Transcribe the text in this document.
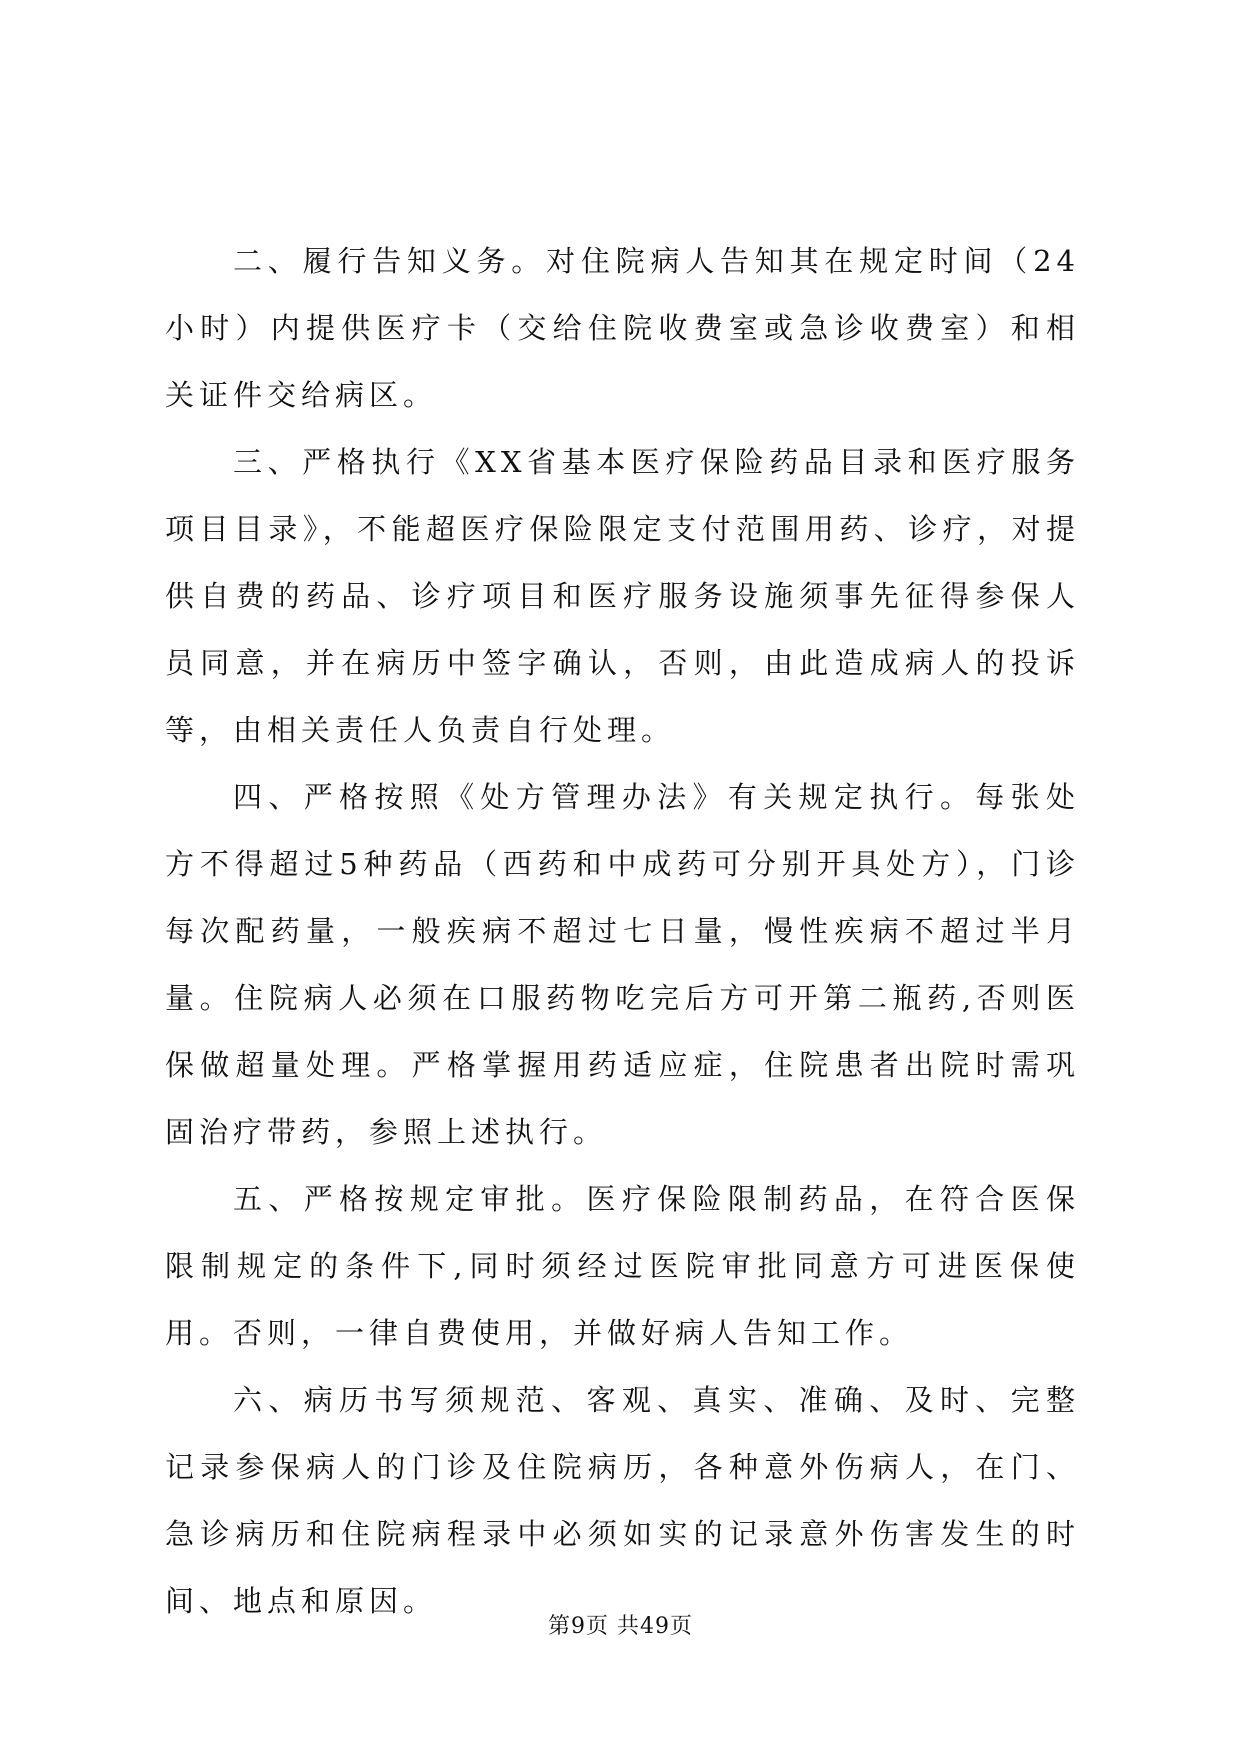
二、履行告知义务。对住院病人告知其在规定时间（24小时）内提供医疗卡（交给住院收费室或急诊收费室）和相关证件交给病区。

三、严格执行《XX省基本医疗保险药品目录和医疗服务项目目录》，不能超医疗保险限定支付范围用药、诊疗，对提供自费的药品、诊疗项目和医疗服务设施须事先征得参保人员同意，并在病历中签字确认，否则，由此造成病人的投诉等，由相关责任人负责自行处理。

四、严格按照《处方管理办法》有关规定执行。每张处方不得超过5种药品（西药和中成药可分别开具处方），门诊每次配药量，一般疾病不超过七日量，慢性疾病不超过半月量。住院病人必须在口服药物吃完后方可开第二瓶药,否则医保做超量处理。严格掌握用药适应症，住院患者出院时需巩固治疗带药，参照上述执行。

五、严格按规定审批。医疗保险限制药品，在符合医保限制规定的条件下,同时须经过医院审批同意方可进医保使用。否则，一律自费使用，并做好病人告知工作。

六、病历书写须规范、客观、真实、准确、及时、完整记录参保病人的门诊及住院病历，各种意外伤病人，在门、急诊病历和住院病程录中必须如实的记录意外伤害发生的时间、地点和原因。

第9页 共49页
